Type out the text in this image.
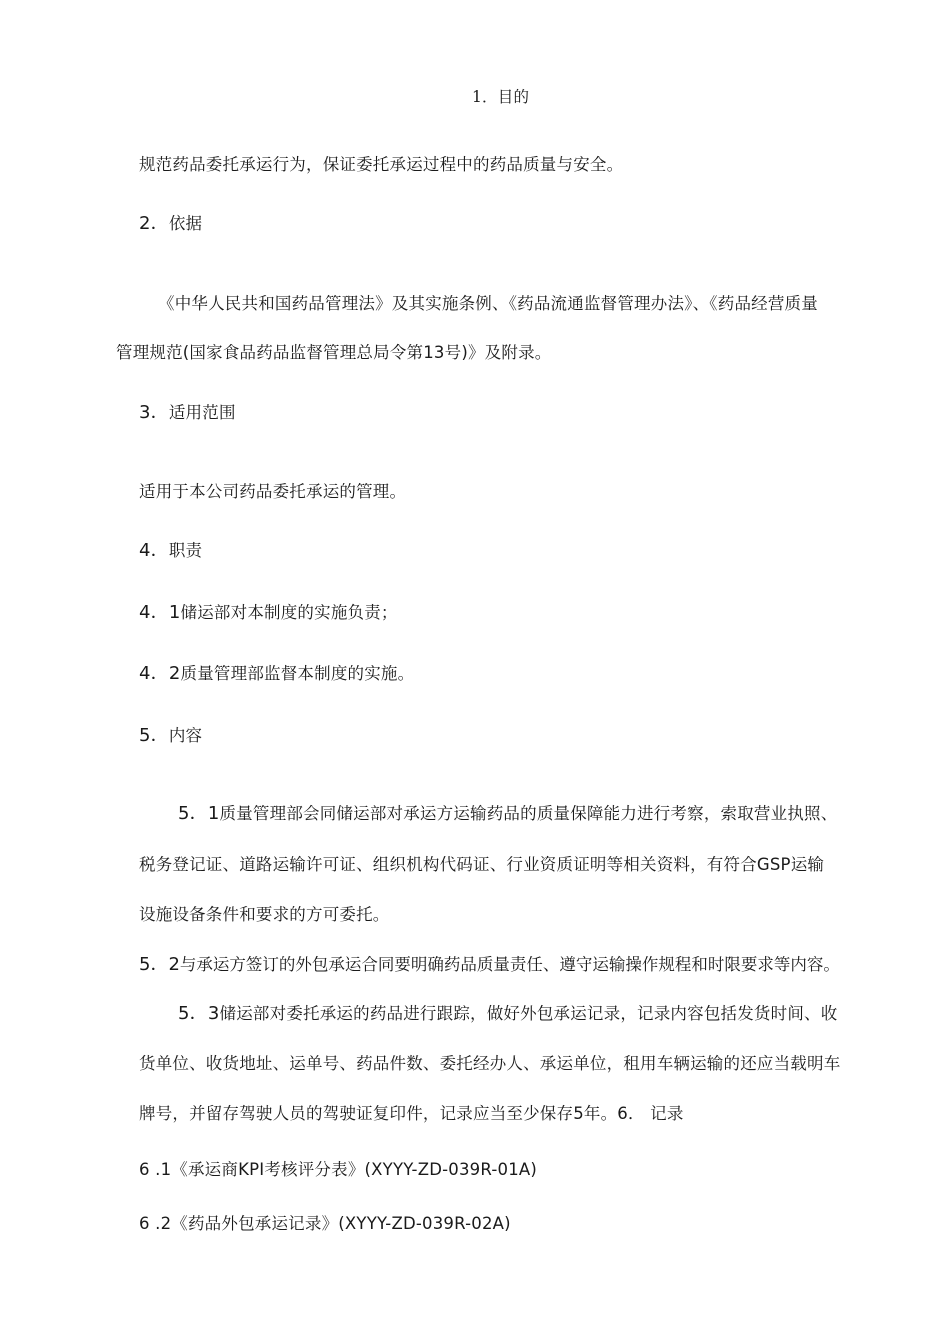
1．目的
规范药品委托承运行为，保证委托承运过程中的药品质量与安全。
2．依据
《中华人民共和国药品管理法》及其实施条例、《药品流通监督管理办法》、《药品经营质量
管理规范(国家食品药品监督管理总局令第13号)》及附录。
3．适用范围
适用于本公司药品委托承运的管理。
4．职责
4．1储运部对本制度的实施负责；
4．2质量管理部监督本制度的实施。
5．内容
5．1质量管理部会同储运部对承运方运输药品的质量保障能力进行考察，索取营业执照、
税务登记证、道路运输许可证、组织机构代码证、行业资质证明等相关资料，有符合GSP运输
设施设备条件和要求的方可委托。
5．2与承运方签订的外包承运合同要明确药品质量责任、遵守运输操作规程和时限要求等内容。
5．3储运部对委托承运的药品进行跟踪，做好外包承运记录，记录内容包括发货时间、收
货单位、收货地址、运单号、药品件数、委托经办人、承运单位，租用车辆运输的还应当载明车
牌号，并留存驾驶人员的驾驶证复印件，记录应当至少保存5年。6． 记录
6 .1《承运商KPI考核评分表》(XYYY-ZD-039R-01A)
6 .2《药品外包承运记录》(XYYY-ZD-039R-02A)
